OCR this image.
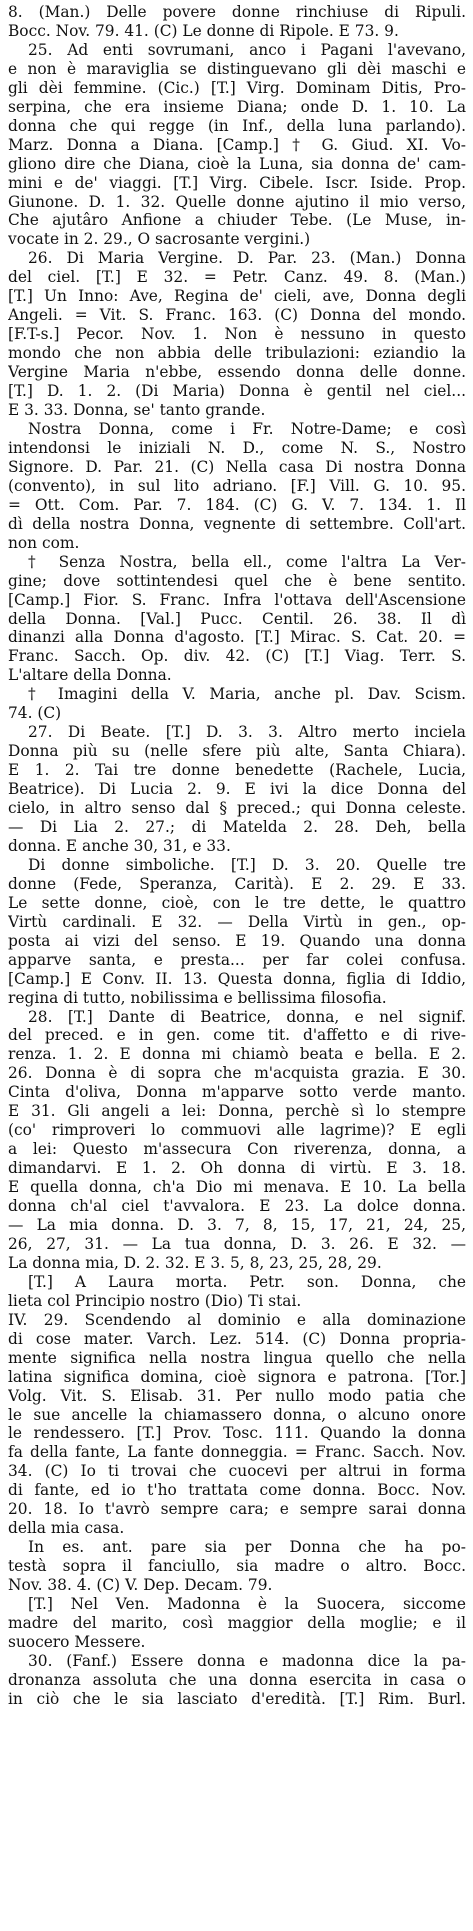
8. (Man.) Delle povere donne rinchiuse di Ripuli.
Bocc. Nov. 79. 41. (C) Le donne di Ripole. E 73. 9.
25. Ad enti sovrumani, anco i Pagani l'avevano,
e non è maraviglia se distinguevano gli dèi maschi e
gli dèi femmine. (Cic.) [T.] Virg. Dominam Ditis, Pro-
serpina, che era insieme Diana; onde D. 1. 10. La
donna che qui regge (in Inf., della luna parlando).
Marz. Donna a Diana. [Camp.] † G. Giud. XI. Vo-
gliono dire che Diana, cioè la Luna, sia donna de' cam-
mini e de' viaggi. [T.] Virg. Cibele. Iscr. Iside. Prop.
Giunone. D. 1. 32. Quelle donne ajutino il mio verso,
Che ajutâro Anfione a chiuder Tebe. (Le Muse, in-
vocate in 2. 29., O sacrosante vergini.)
26. Di Maria Vergine. D. Par. 23. (Man.) Donna
del ciel. [T.] E 32. = Petr. Canz. 49. 8. (Man.)
[T.] Un Inno: Ave, Regina de' cieli, ave, Donna degli
Angeli. = Vit. S. Franc. 163. (C) Donna del mondo.
[F.T-s.] Pecor. Nov. 1. Non è nessuno in questo
mondo che non abbia delle tribulazioni: eziandio la
Vergine Maria n'ebbe, essendo donna delle donne.
[T.] D. 1. 2. (Di Maria) Donna è gentil nel ciel...
E 3. 33. Donna, se' tanto grande.
Nostra Donna, come i Fr. Notre-Dame; e così
intendonsi le iniziali N. D., come N. S., Nostro
Signore. D. Par. 21. (C) Nella casa Di nostra Donna
(convento), in sul lito adriano. [F.] Vill. G. 10. 95.
= Ott. Com. Par. 7. 184. (C) G. V. 7. 134. 1. Il
dì della nostra Donna, vegnente di settembre. Coll'art.
non com.
† Senza Nostra, bella ell., come l'altra La Ver-
gine; dove sottintendesi quel che è bene sentito.
[Camp.] Fior. S. Franc. Infra l'ottava dell'Ascensione
della Donna. [Val.] Pucc. Centil. 26. 38. Il dì
dinanzi alla Donna d'agosto. [T.] Mirac. S. Cat. 20. =
Franc. Sacch. Op. div. 42. (C) [T.] Viag. Terr. S.
L'altare della Donna.
† Imagini della V. Maria, anche pl. Dav. Scism.
74. (C)
27. Di Beate. [T.] D. 3. 3. Altro merto inciela
Donna più su (nelle sfere più alte, Santa Chiara).
E 1. 2. Tai tre donne benedette (Rachele, Lucia,
Beatrice). Di Lucia 2. 9. E ivi la dice Donna del
cielo, in altro senso dal § preced.; qui Donna celeste.
— Di Lia 2. 27.; di Matelda 2. 28. Deh, bella
donna. E anche 30, 31, e 33.
Di donne simboliche. [T.] D. 3. 20. Quelle tre
donne (Fede, Speranza, Carità). E 2. 29. E 33.
Le sette donne, cioè, con le tre dette, le quattro
Virtù cardinali. E 32. — Della Virtù in gen., op-
posta ai vizi del senso. E 19. Quando una donna
apparve santa, e presta... per far colei confusa.
[Camp.] E Conv. II. 13. Questa donna, figlia di Iddio,
regina di tutto, nobilissima e bellissima filosofia.
28. [T.] Dante di Beatrice, donna, e nel signif.
del preced. e in gen. come tit. d'affetto e di rive-
renza. 1. 2. E donna mi chiamò beata e bella. E 2.
26. Donna è di sopra che m'acquista grazia. E 30.
Cinta d'oliva, Donna m'apparve sotto verde manto.
E 31. Gli angeli a lei: Donna, perchè sì lo stempre
(co' rimproveri lo commuovi alle lagrime)? E egli
a lei: Questo m'assecura Con riverenza, donna, a
dimandarvi. E 1. 2. Oh donna di virtù. E 3. 18.
E quella donna, ch'a Dio mi menava. E 10. La bella
donna ch'al ciel t'avvalora. E 23. La dolce donna.
— La mia donna. D. 3. 7, 8, 15, 17, 21, 24, 25,
26, 27, 31. — La tua donna, D. 3. 26. E 32. —
La donna mia, D. 2. 32. E 3. 5, 8, 23, 25, 28, 29.
[T.] A Laura morta. Petr. son. Donna, che
lieta col Principio nostro (Dio) Ti stai.
IV. 29. Scendendo al dominio e alla dominazione
di cose mater. Varch. Lez. 514. (C) Donna propria-
mente significa nella nostra lingua quello che nella
latina significa domina, cioè signora e patrona. [Tor.]
Volg. Vit. S. Elisab. 31. Per nullo modo patia che
le sue ancelle la chiamassero donna, o alcuno onore
le rendessero. [T.] Prov. Tosc. 111. Quando la donna
fa della fante, La fante donneggia. = Franc. Sacch. Nov.
34. (C) Io ti trovai che cuocevi per altrui in forma
di fante, ed io t'ho trattata come donna. Bocc. Nov.
20. 18. Io t'avrò sempre cara; e sempre sarai donna
della mia casa.
In es. ant. pare sia per Donna che ha po-
testà sopra il fanciullo, sia madre o altro. Bocc.
Nov. 38. 4. (C) V. Dep. Decam. 79.
[T.] Nel Ven. Madonna è la Suocera, siccome
madre del marito, così maggior della moglie; e il
suocero Messere.
30. (Fanf.) Essere donna e madonna dice la pa-
dronanza assoluta che una donna esercita in casa o
in ciò che le sia lasciato d'eredità. [T.] Rim. Burl.
